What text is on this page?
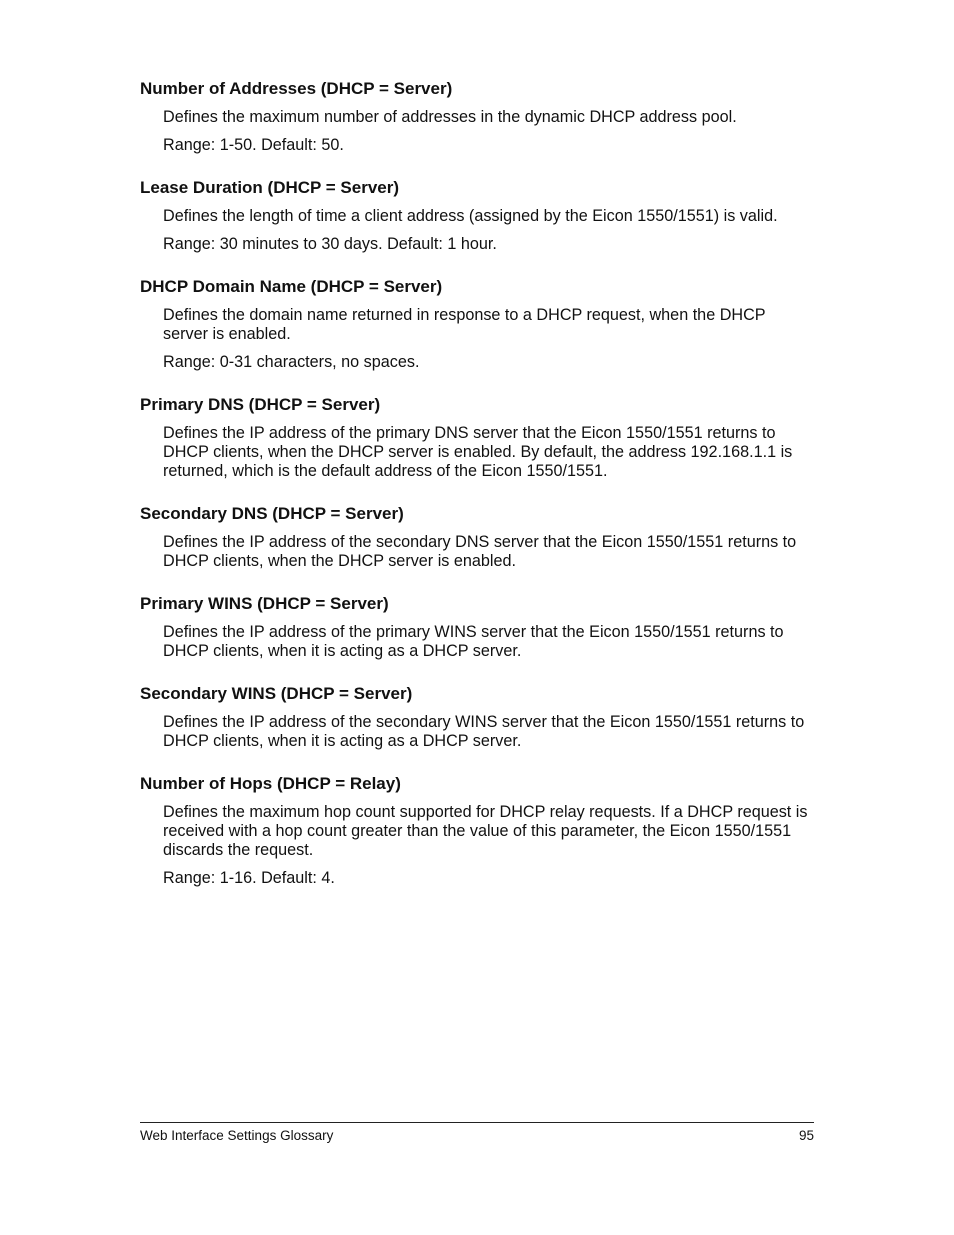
Number of Addresses (DHCP = Server)
Defines the maximum number of addresses in the dynamic DHCP address pool.
Range: 1-50. Default: 50.
Lease Duration (DHCP = Server)
Defines the length of time a client address (assigned by the Eicon 1550/1551) is valid.
Range: 30 minutes to 30 days. Default: 1 hour.
DHCP Domain Name (DHCP = Server)
Defines the domain name returned in response to a DHCP request, when the DHCP server is enabled.
Range: 0-31 characters, no spaces.
Primary DNS (DHCP = Server)
Defines the IP address of the primary DNS server that the Eicon 1550/1551 returns to DHCP clients, when the DHCP server is enabled. By default, the address 192.168.1.1 is returned, which is the default address of the Eicon 1550/1551.
Secondary DNS (DHCP = Server)
Defines the IP address of the secondary DNS server that the Eicon 1550/1551 returns to DHCP clients, when the DHCP server is enabled.
Primary WINS (DHCP = Server)
Defines the IP address of the primary WINS server that the Eicon 1550/1551 returns to DHCP clients, when it is acting as a DHCP server.
Secondary WINS (DHCP = Server)
Defines the IP address of the secondary WINS server that the Eicon 1550/1551 returns to DHCP clients, when it is acting as a DHCP server.
Number of Hops (DHCP = Relay)
Defines the maximum hop count supported for DHCP relay requests. If a DHCP request is received with a hop count greater than the value of this parameter, the Eicon 1550/1551 discards the request.
Range: 1-16. Default: 4.
Web Interface Settings Glossary	95
